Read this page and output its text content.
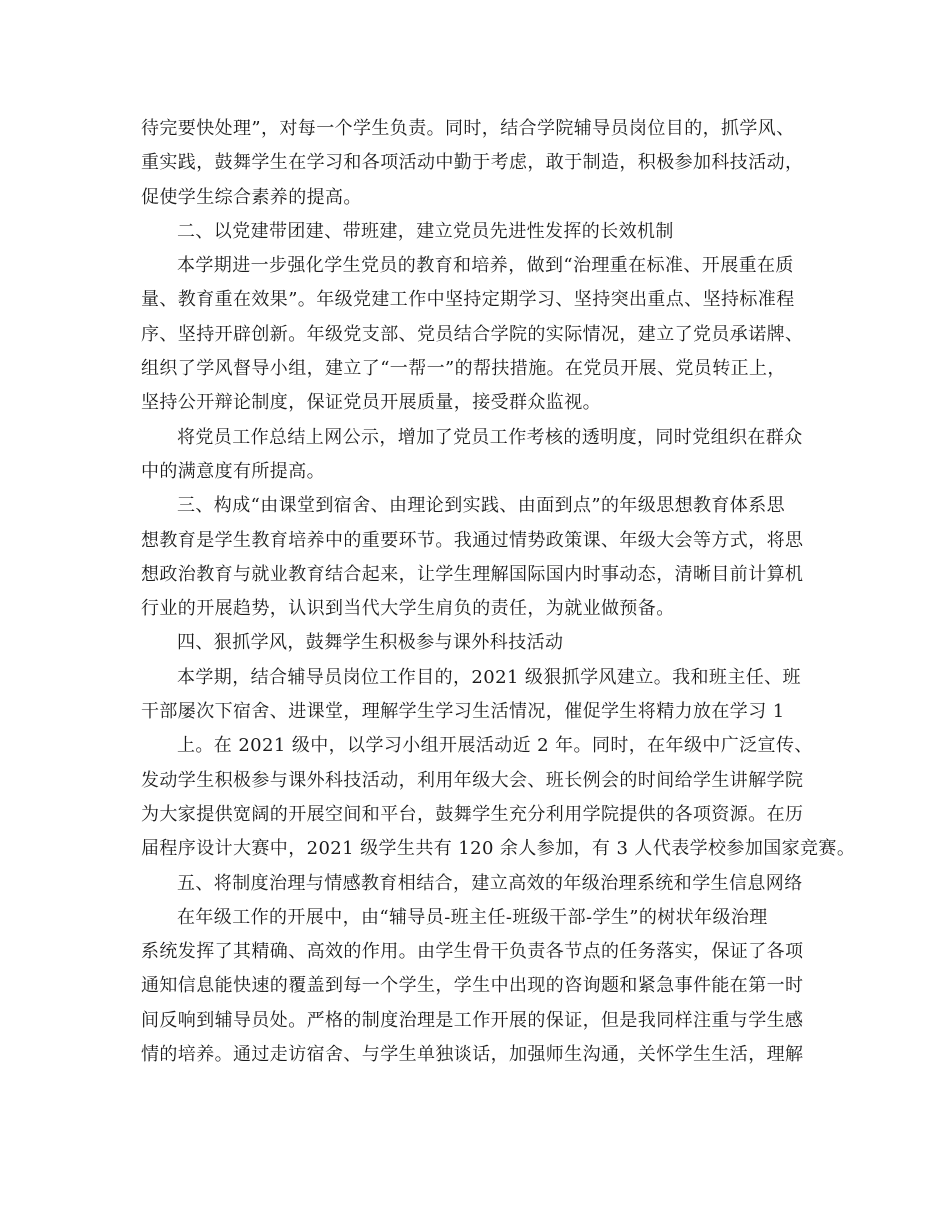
待完要快处理”，对每一个学生负责。同时，结合学院辅导员岗位目的，抓学风、
重实践，鼓舞学生在学习和各项活动中勤于考虑，敢于制造，积极参加科技活动，
促使学生综合素养的提高。

二、以党建带团建、带班建，建立党员先进性发挥的长效机制

本学期进一步强化学生党员的教育和培养，做到“治理重在标准、开展重在质
量、教育重在效果”。年级党建工作中坚持定期学习、坚持突出重点、坚持标准程
序、坚持开辟创新。年级党支部、党员结合学院的实际情况，建立了党员承诺牌、
组织了学风督导小组，建立了“一帮一”的帮扶措施。在党员开展、党员转正上，
坚持公开辩论制度，保证党员开展质量，接受群众监视。

将党员工作总结上网公示，增加了党员工作考核的透明度，同时党组织在群众
中的满意度有所提高。

三、构成“由课堂到宿舍、由理论到实践、由面到点”的年级思想教育体系思
想教育是学生教育培养中的重要环节。我通过情势政策课、年级大会等方式，将思
想政治教育与就业教育结合起来，让学生理解国际国内时事动态，清晰目前计算机
行业的开展趋势，认识到当代大学生肩负的责任，为就业做预备。

四、狠抓学风，鼓舞学生积极参与课外科技活动

本学期，结合辅导员岗位工作目的，2021 级狠抓学风建立。我和班主任、班
干部屡次下宿舍、进课堂，理解学生学习生活情况，催促学生将精力放在学习 1

上。在 2021 级中，以学习小组开展活动近 2 年。同时，在年级中广泛宣传、
发动学生积极参与课外科技活动，利用年级大会、班长例会的时间给学生讲解学院
为大家提供宽阔的开展空间和平台，鼓舞学生充分利用学院提供的各项资源。在历
届程序设计大赛中，2021 级学生共有 120 余人参加，有 3 人代表学校参加国家竞赛。

五、将制度治理与情感教育相结合，建立高效的年级治理系统和学生信息网络

在年级工作的开展中，由“辅导员-班主任-班级干部-学生”的树状年级治理
系统发挥了其精确、高效的作用。由学生骨干负责各节点的任务落实，保证了各项
通知信息能快速的覆盖到每一个学生，学生中出现的咨询题和紧急事件能在第一时
间反响到辅导员处。严格的制度治理是工作开展的保证，但是我同样注重与学生感
情的培养。通过走访宿舍、与学生单独谈话，加强师生沟通，关怀学生生活，理解
